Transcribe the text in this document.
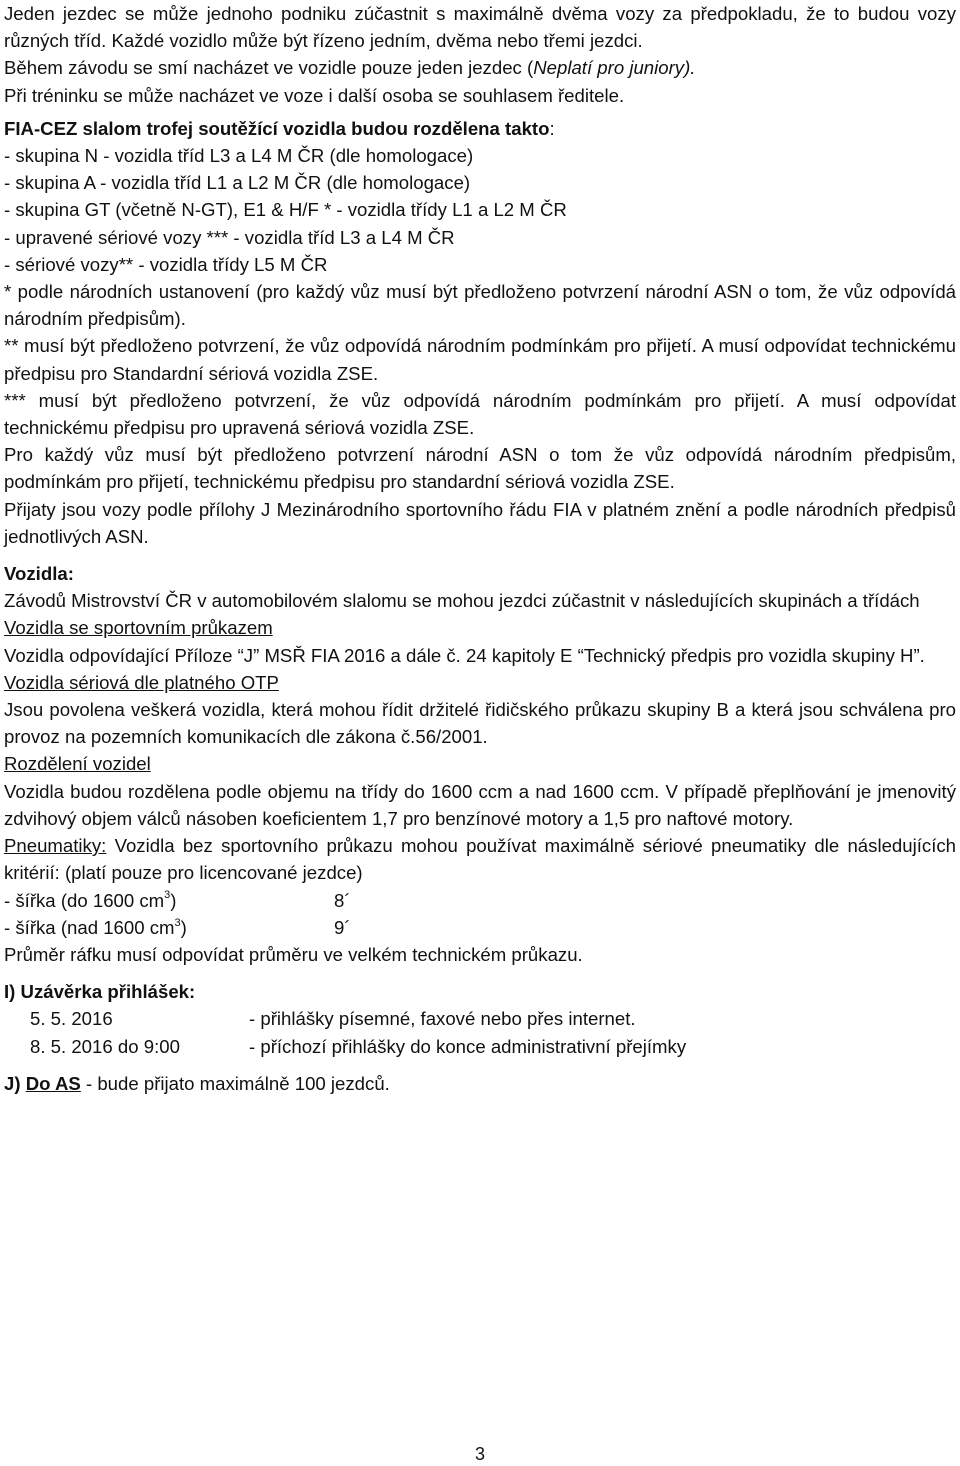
Jeden jezdec se může jednoho podniku zúčastnit s maximálně dvěma vozy za předpokladu, že to budou vozy různých tříd. Každé vozidlo může být řízeno jedním, dvěma nebo třemi jezdci.

Během závodu se smí nacházet ve vozidle pouze jeden jezdec (Neplatí pro juniory).

Při tréninku se může nacházet ve voze i další osoba se souhlasem ředitele.

FIA-CEZ slalom trofej soutěžící vozidla budou rozdělena takto:

- skupina N - vozidla tříd L3 a L4 M ČR (dle homologace)

- skupina A - vozidla tříd L1 a L2 M ČR (dle homologace)

- skupina GT (včetně N-GT), E1 & H/F * - vozidla třídy L1 a L2 M ČR

- upravené sériové vozy *** - vozidla tříd L3 a L4 M ČR

- sériové vozy** - vozidla třídy L5 M ČR

* podle národních ustanovení (pro každý vůz musí být předloženo potvrzení národní ASN o tom, že vůz odpovídá národním předpisům).

** musí být předloženo potvrzení, že vůz odpovídá národním podmínkám pro přijetí. A musí odpovídat technickému předpisu pro Standardní sériová vozidla ZSE.

*** musí být předloženo potvrzení, že vůz odpovídá národním podmínkám pro přijetí. A musí odpovídat technickému předpisu pro upravená sériová vozidla ZSE.

Pro každý vůz musí být předloženo potvrzení národní ASN o tom že vůz odpovídá národním předpisům, podmínkám pro přijetí, technickému předpisu pro standardní sériová vozidla ZSE.

Přijaty jsou vozy podle přílohy J Mezinárodního sportovního řádu FIA v platném znění a podle národních předpisů jednotlivých ASN.

Vozidla:

Závodů Mistrovství ČR v automobilovém slalomu se mohou jezdci zúčastnit v následujících skupinách a třídách

Vozidla se sportovním průkazem

Vozidla odpovídající Příloze “J” MSŘ FIA 2016 a dále č. 24 kapitoly E “Technický předpis pro vozidla skupiny H”.

Vozidla sériová dle platného OTP

Jsou povolena veškerá vozidla, která mohou řídit držitelé řidičského průkazu skupiny B a která jsou schválena pro provoz na pozemních komunikacích dle zákona č.56/2001.

Rozdělení vozidel

Vozidla budou rozdělena podle objemu na třídy do 1600 ccm a nad 1600 ccm. V případě přeplňování je jmenovitý zdvihový objem válců násoben koeficientem 1,7 pro benzínové motory a 1,5 pro naftové motory.

Pneumatiky: Vozidla bez sportovního průkazu mohou používat maximálně sériové pneumatiky dle následujících kritérií: (platí pouze pro licencované jezdce)

- šířka (do 1600 $cm^3$)	8´
- šířka (nad 1600 $cm^3$)	9´

Průměr ráfku musí odpovídat průměru ve velkém technickém průkazu.

I) Uzávěrka přihlášek:

5. 5. 2016	- přihlášky písemné, faxové nebo přes internet.
8. 5. 2016 do 9:00	- příchozí přihlášky do konce administrativní přejímky

J) Do AS - bude přijato maximálně 100 jezdců.

3
